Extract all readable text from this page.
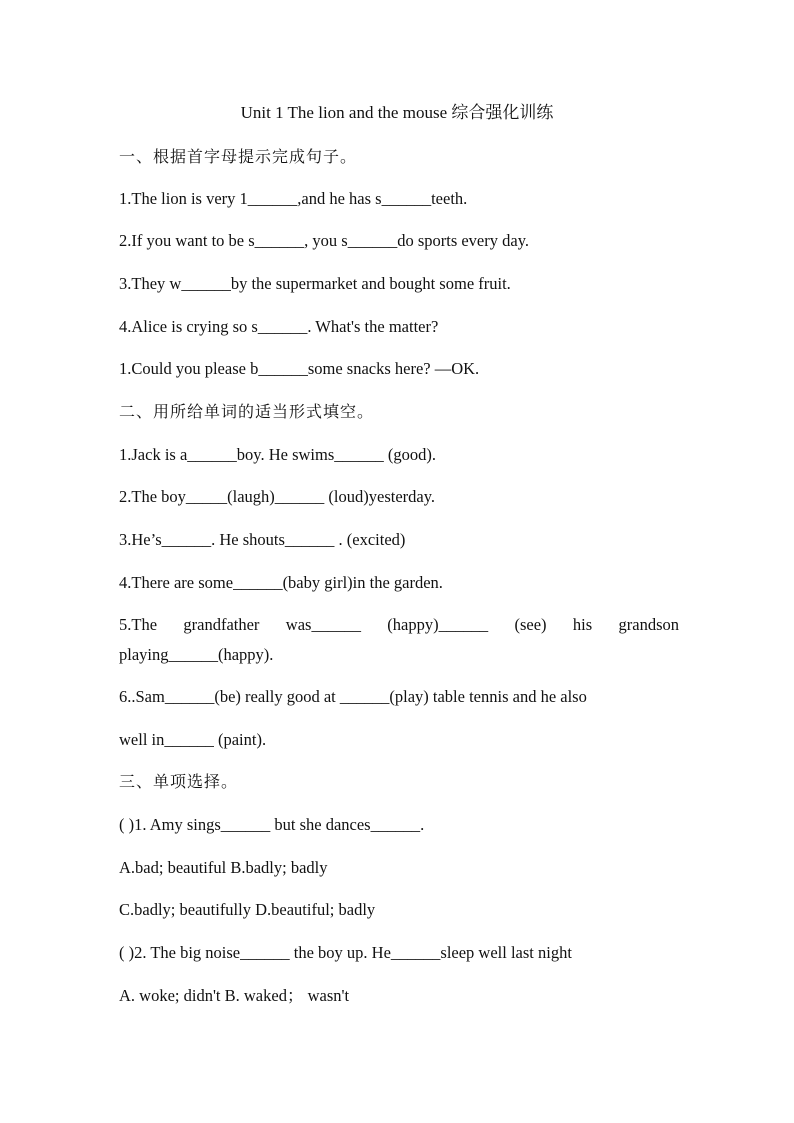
Unit 1 The lion and the mouse 综合强化训练
一、根据首字母提示完成句子。
1.The lion is very 1______,and he has s______teeth.
2.If you want to be s______, you s______do sports every day.
3.They w______by the supermarket and bought some fruit.
4.Alice is crying so s______. What's the matter?
1.Could you please b______some snacks here? —OK.
二、用所给单词的适当形式填空。
1.Jack is a______boy. He swims______ (good).
2.The boy_____(laugh)______ (loud)yesterday.
3.He’s______. He shouts______ . (excited)
4.There are some______(baby girl)in the garden.
5.The grandfather was______ (happy)______ (see) his grandson
playing______(happy).
6..Sam______(be) really good at ______(play) table tennis and he also
well in______ (paint).
三、单项选择。
( )1. Amy sings______ but she dances______.
A.bad; beautiful B.badly; badly
C.badly; beautifully D.beautiful; badly
( )2. The big noise______ the boy up. He______sleep well last night
A. woke; didn't B. waked； wasn't
